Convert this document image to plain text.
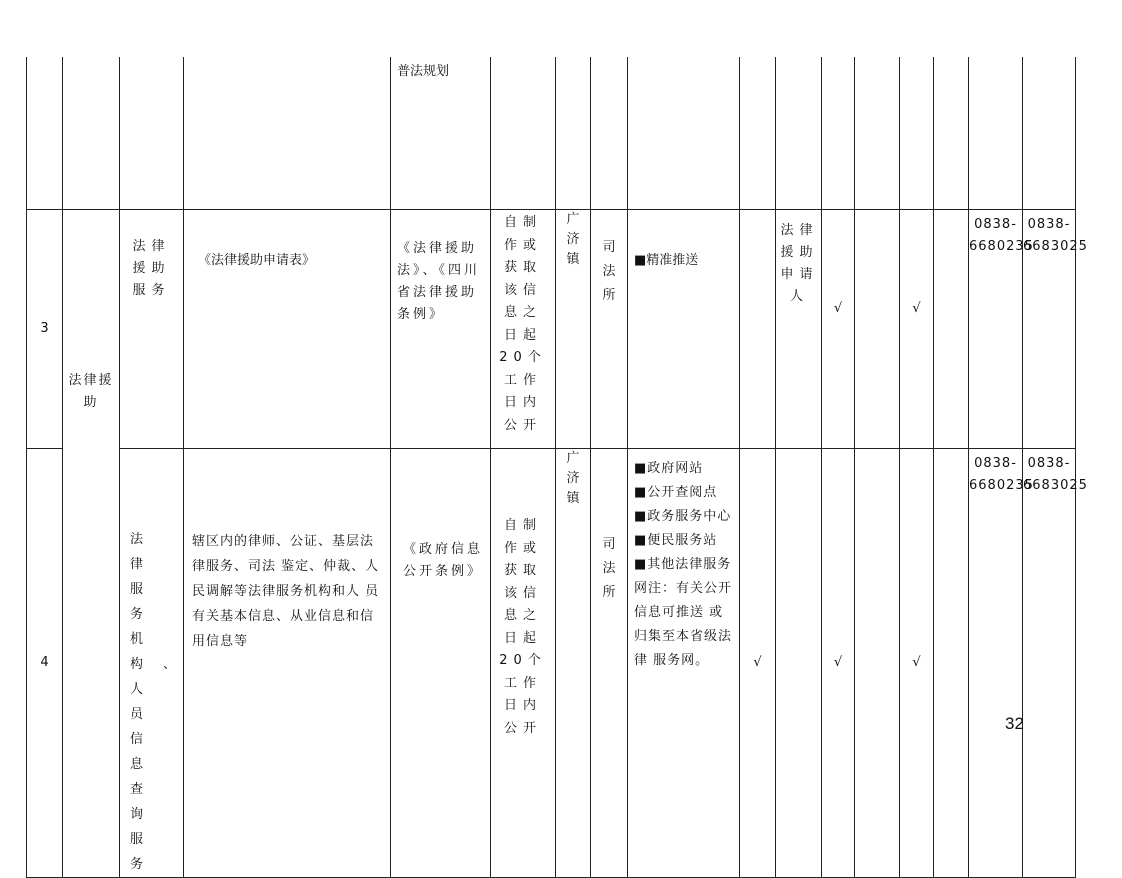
				普法规划												
3	法律援助	法律援助服务	《法律援助申请表》	《法律援助法》、《四川省法律援助条例》	自制作或获取该信息之日起20个工作日内公开	广济镇	司法所	■精准推送		法律援助申请人	√		√		0838-6680235	0838-6683025
4		法律服务机构、人员信息查询服务	辖区内的律师、公证、基层法律服务、司法 鉴定、仲裁、人民调解等法律服务机构和人 员有关基本信息、从业信息和信用信息等	《政府信息公开条例》	自制作或获取该信息之日起20个工作日内公开	广济镇	司法所	■政府网站
■公开查阅点
■政务服务中心
■便民服务站
■其他法律服务网注：有关公开信息可推送 或归集至本省级法律 服务网。	√		√		√		0838-6680235	0838-6683025
32
